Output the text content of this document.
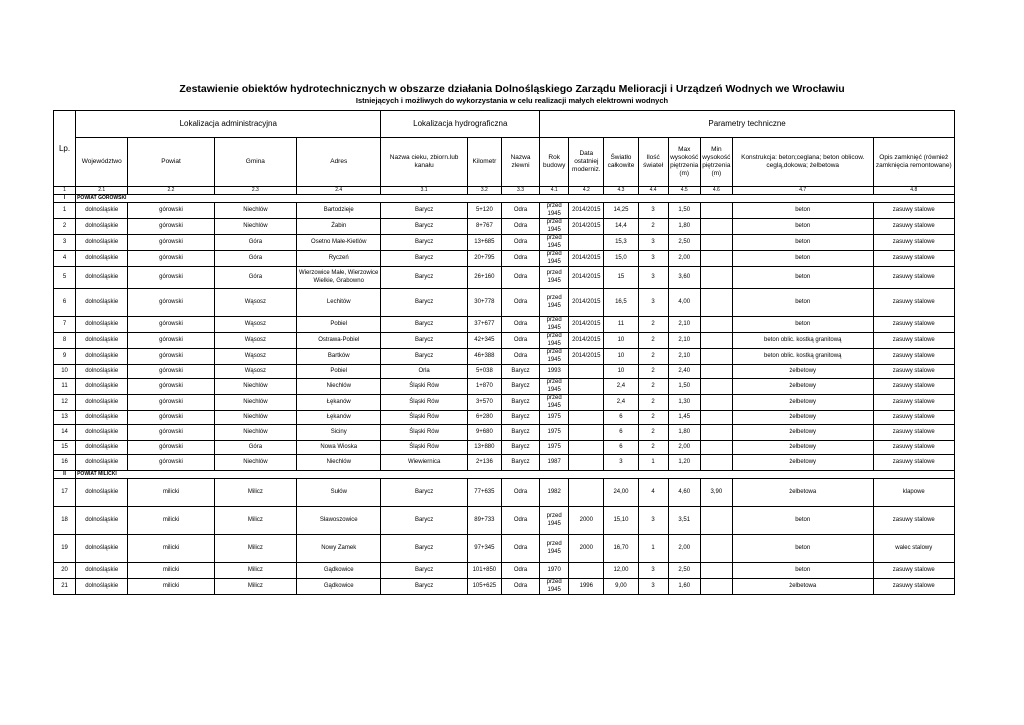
Zestawienie obiektów hydrotechnicznych w obszarze działania Dolnośląskiego Zarządu Melioracji i Urządzeń Wodnych we Wrocławiu
Istniejących i możliwych do wykorzystania w celu realizacji małych elektrowni wodnych
Lp.	Lokalizacja administracyjna				Lokalizacja hydrograficzna			Parametry techniczne							
	Województwo	Powiat	Gmina	Adres	Nazwa cieku, zbiorn.lub kanału	Kilometr	Nazwa zlewni	Rok budowy	Data ostatniej moderniz.	Światło całkowite	Ilość świateł	Max wysokość piętrzenia (m)	Min wysokość piętrzenia (m)	Konstrukcja: beton;ceglana; beton oblicow. ceglą,dokowa; żelbetowa	Opis zamknięć (również zamknięcia remontowane)
1	2.1	2.2	2.3	2.4	3.1	3.2	3.3	4.1	4.2	4.3	4.4	4.5	4.6	4.7	4.8
I	POWIAT GÓROWSKI														
1	dolnośląskie	górowski	Niechlów	Bartodzieje	Barycz	5+120	Odra	przed 1945	2014/2015	14,25	3	1,50		beton	zasuwy stalowe
2	dolnośląskie	górowski	Niechlów	Żabin	Barycz	8+767	Odra	przed 1945	2014/2015	14,4	2	1,80		beton	zasuwy stalowe
3	dolnośląskie	górowski	Góra	Osetno Małe-Kietlów	Barycz	13+685	Odra	przed 1945		15,3	3	2,50		beton	zasuwy stalowe
4	dolnośląskie	górowski	Góra	Ryczeń	Barycz	20+795	Odra	przed 1945	2014/2015	15,0	3	2,00		beton	zasuwy stalowe
5	dolnośląskie	górowski	Góra	Wierzowice Małe, Wierzowice Wielkie, Grabowno	Barycz	26+160	Odra	przed 1945	2014/2015	15	3	3,60		beton	zasuwy stalowe
6	dolnośląskie	górowski	Wąsosz	Lechitów	Barycz	30+778	Odra	przed 1945	2014/2015	16,5	3	4,00		beton	zasuwy stalowe
7	dolnośląskie	górowski	Wąsosz	Pobiel	Barycz	37+677	Odra	przed 1945	2014/2015	11	2	2,10		beton	zasuwy stalowe
8	dolnośląskie	górowski	Wąsosz	Ostrawa-Pobiel	Barycz	42+345	Odra	przed 1945	2014/2015	10	2	2,10		beton oblic. kostką granitową	zasuwy stalowe
9	dolnośląskie	górowski	Wąsosz	Bartków	Barycz	46+388	Odra	przed 1945	2014/2015	10	2	2,10		beton oblic. kostką granitową	zasuwy stalowe
10	dolnośląskie	górowski	Wąsosz	Pobiel	Orla	5+038	Barycz	1993		10	2	2,40		żelbetowy	zasuwy stalowe
11	dolnośląskie	górowski	Niechlów	Niechlów	Śląski Rów	1+870	Barycz	przed 1945		2,4	2	1,50		żelbetowy	zasuwy stalowe
12	dolnośląskie	górowski	Niechlów	Łękanów	Śląski Rów	3+570	Barycz	przed 1945		2,4	2	1,30		żelbetowy	zasuwy stalowe
13	dolnośląskie	górowski	Niechlów	Łękanów	Śląski Rów	6+280	Barycz	1975		6	2	1,45		żelbetowy	zasuwy stalowe
14	dolnośląskie	górowski	Niechlów	Siciny	Śląski Rów	9+680	Barycz	1975		6	2	1,80		żelbetowy	zasuwy stalowe
15	dolnośląskie	górowski	Góra	Nowa Wioska	Śląski Rów	13+880	Barycz	1975		6	2	2,00		żelbetowy	zasuwy stalowe
16	dolnośląskie	górowski	Niechlów	Niechlów	Wiewiernica	2+136	Barycz	1987		3	1	1,20		żelbetowy	zasuwy stalowe
II	POWIAT MILICKI														
17	dolnośląskie	milicki	Milicz	Sułów	Barycz	77+635	Odra	1982		24,00	4	4,60	3,90	żelbetowa	klapowe
18	dolnośląskie	milicki	Milicz	Sławoszowice	Barycz	89+733	Odra	przed 1945	2000	15,10	3	3,51		beton	zasuwy stalowe
19	dolnośląskie	milicki	Milicz	Nowy Zamek	Barycz	97+345	Odra	przed 1945	2000	16,70	1	2,00		beton	walec stalowy
20	dolnośląskie	milicki	Milicz	Gądkowice	Barycz	101+850	Odra	1970		12,00	3	2,50		beton	zasuwy stalowe
21	dolnośląskie	milicki	Milicz	Gądkowice	Barycz	105+625	Odra	przed 1945	1996	9,00	3	1,60		żelbetowa	zasuwy stalowe
